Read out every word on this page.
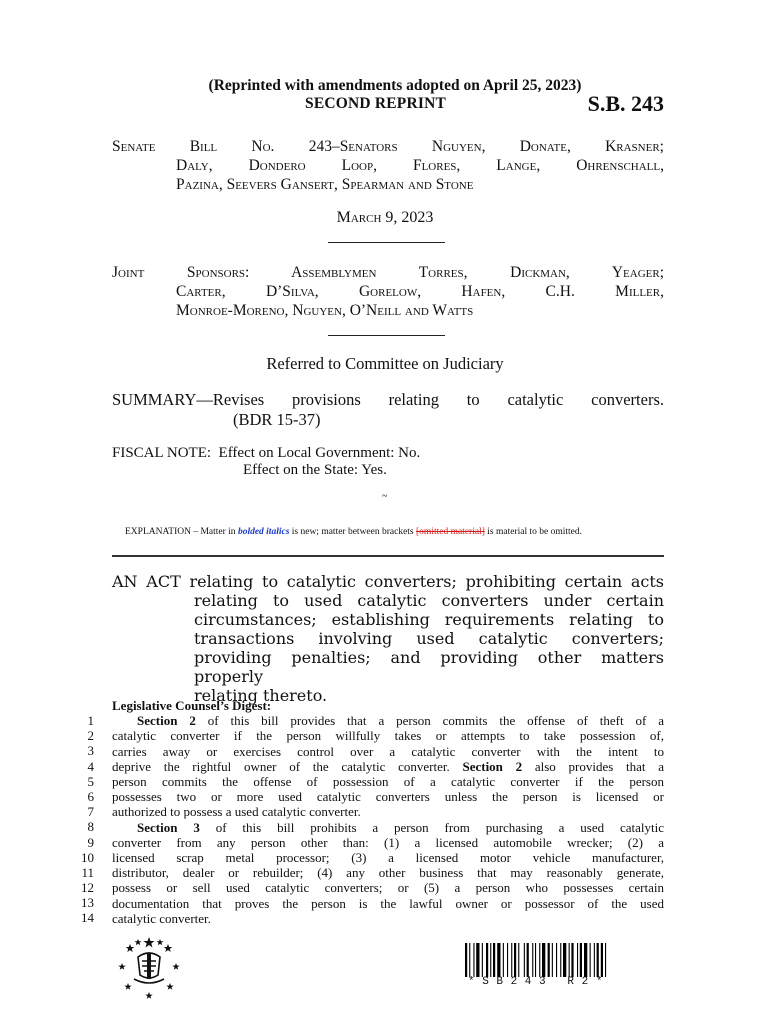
(Reprinted with amendments adopted on April 25, 2023)
SECOND REPRINT	S.B. 243
Senate Bill No. 243–Senators Nguyen, Donate, Krasner;
Daly, Dondero Loop, Flores, Lange, Ohrenschall,
Pazina, Seevers Gansert, Spearman and Stone
March 9, 2023
Joint Sponsors: Assemblymen Torres, Dickman, Yeager;
Carter, D’Silva, Gorelow, Hafen, C.H. Miller,
Monroe-Moreno, Nguyen, O’Neill and Watts
Referred to Committee on Judiciary
SUMMARY—Revises provisions relating to catalytic converters.
(BDR 15-37)
FISCAL NOTE:  Effect on Local Government: No.
Effect on the State: Yes.
~
EXPLANATION – Matter in bolded italics is new; matter between brackets [omitted material] is material to be omitted.
AN ACT relating to catalytic converters; prohibiting certain acts
relating to used catalytic converters under certain
circumstances; establishing requirements relating to
transactions involving used catalytic converters;
providing penalties; and providing other matters properly
relating thereto.
1
2
3
4
5
6
7
8
9
10
11
12
13
14
Legislative Counsel’s Digest:
Section 2 of this bill provides that a person commits the offense of theft of a
catalytic converter if the person willfully takes or attempts to take possession of,
carries away or exercises control over a catalytic converter with the intent to
deprive the rightful owner of the catalytic converter. Section 2 also provides that a
person commits the offense of possession of a catalytic converter if the person
possesses two or more used catalytic converters unless the person is licensed or
authorized to possess a used catalytic converter.
Section 3 of this bill prohibits a person from purchasing a used catalytic
converter from any person other than: (1) a licensed automobile wrecker; (2) a
licensed scrap metal processor; (3) a licensed motor vehicle manufacturer,
distributor, dealer or rebuilder; (4) any other business that may reasonably generate,
possess or sell used catalytic converters; or (5) a person who possesses certain
documentation that proves the person is the lawful owner or possessor of the used
catalytic converter.
* S B 2 4 3   R 2 *
